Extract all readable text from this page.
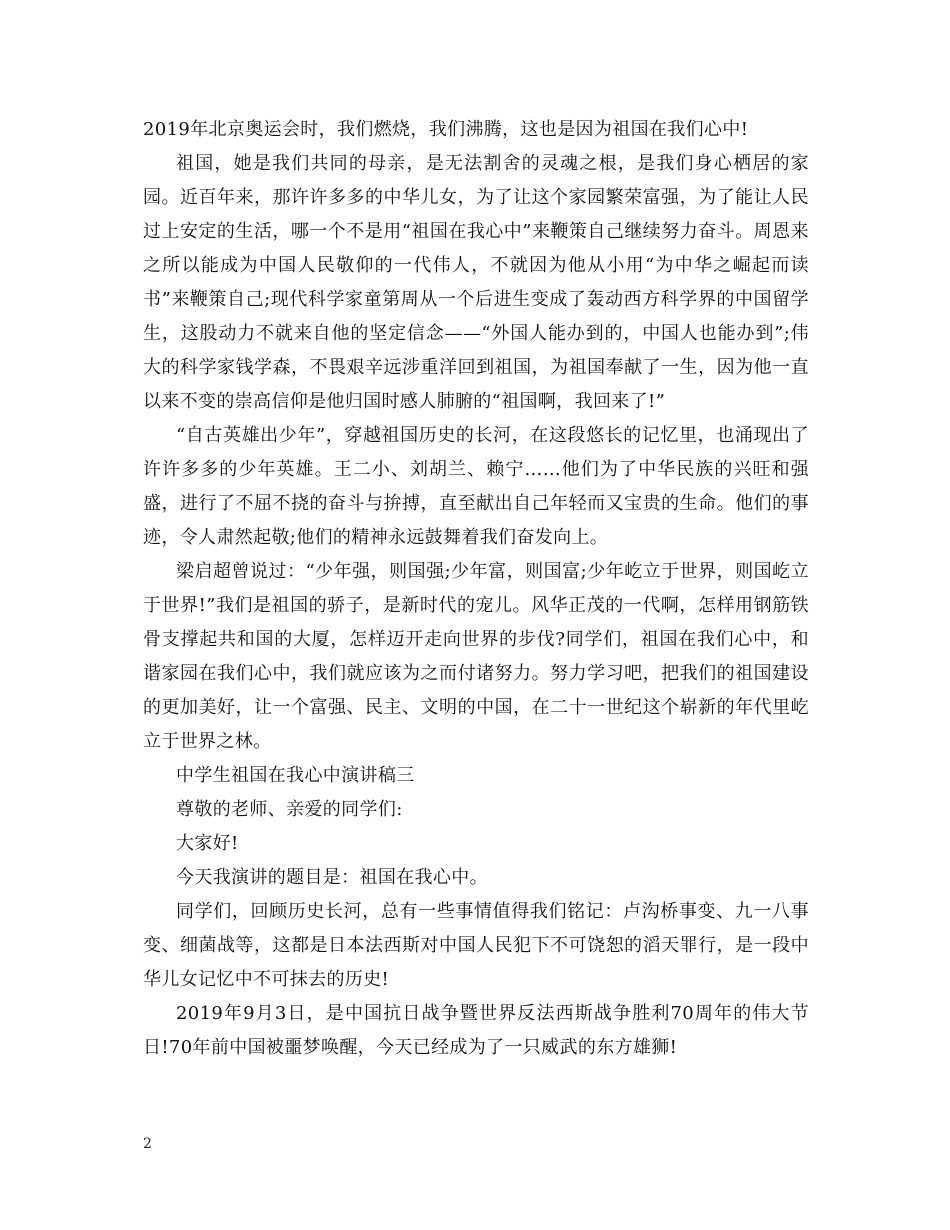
2019年北京奥运会时，我们燃烧，我们沸腾，这也是因为祖国在我们心中!

祖国，她是我们共同的母亲，是无法割舍的灵魂之根，是我们身心栖居的家园。近百年来，那许许多多的中华儿女，为了让这个家园繁荣富强，为了能让人民过上安定的生活，哪一个不是用“祖国在我心中”来鞭策自己继续努力奋斗。周恩来之所以能成为中国人民敬仰的一代伟人，不就因为他从小用“为中华之崛起而读书”来鞭策自己;现代科学家童第周从一个后进生变成了轰动西方科学界的中国留学生，这股动力不就来自他的坚定信念——“外国人能办到的，中国人也能办到”;伟大的科学家钱学森，不畏艰辛远涉重洋回到祖国，为祖国奉献了一生，因为他一直以来不变的崇高信仰是他归国时感人肺腑的“祖国啊，我回来了!”

“自古英雄出少年”，穿越祖国历史的长河，在这段悠长的记忆里，也涌现出了许许多多的少年英雄。王二小、刘胡兰、赖宁……他们为了中华民族的兴旺和强盛，进行了不屈不挠的奋斗与拚搏，直至献出自己年轻而又宝贵的生命。他们的事迹，令人肃然起敬;他们的精神永远鼓舞着我们奋发向上。

梁启超曾说过：“少年强，则国强;少年富，则国富;少年屹立于世界，则国屹立于世界!”我们是祖国的骄子，是新时代的宠儿。风华正茂的一代啊，怎样用钢筋铁骨支撑起共和国的大厦，怎样迈开走向世界的步伐?同学们，祖国在我们心中，和谐家园在我们心中，我们就应该为之而付诸努力。努力学习吧，把我们的祖国建设的更加美好，让一个富强、民主、文明的中国，在二十一世纪这个崭新的年代里屹立于世界之林。

中学生祖国在我心中演讲稿三

尊敬的老师、亲爱的同学们:

大家好!

今天我演讲的题目是：祖国在我心中。

同学们，回顾历史长河，总有一些事情值得我们铭记：卢沟桥事变、九一八事变、细菌战等，这都是日本法西斯对中国人民犯下不可饶恕的滔天罪行，是一段中华儿女记忆中不可抹去的历史!

2019年9月3日，是中国抗日战争暨世界反法西斯战争胜利70周年的伟大节日!70年前中国被噩梦唤醒，今天已经成为了一只威武的东方雄狮!

2
